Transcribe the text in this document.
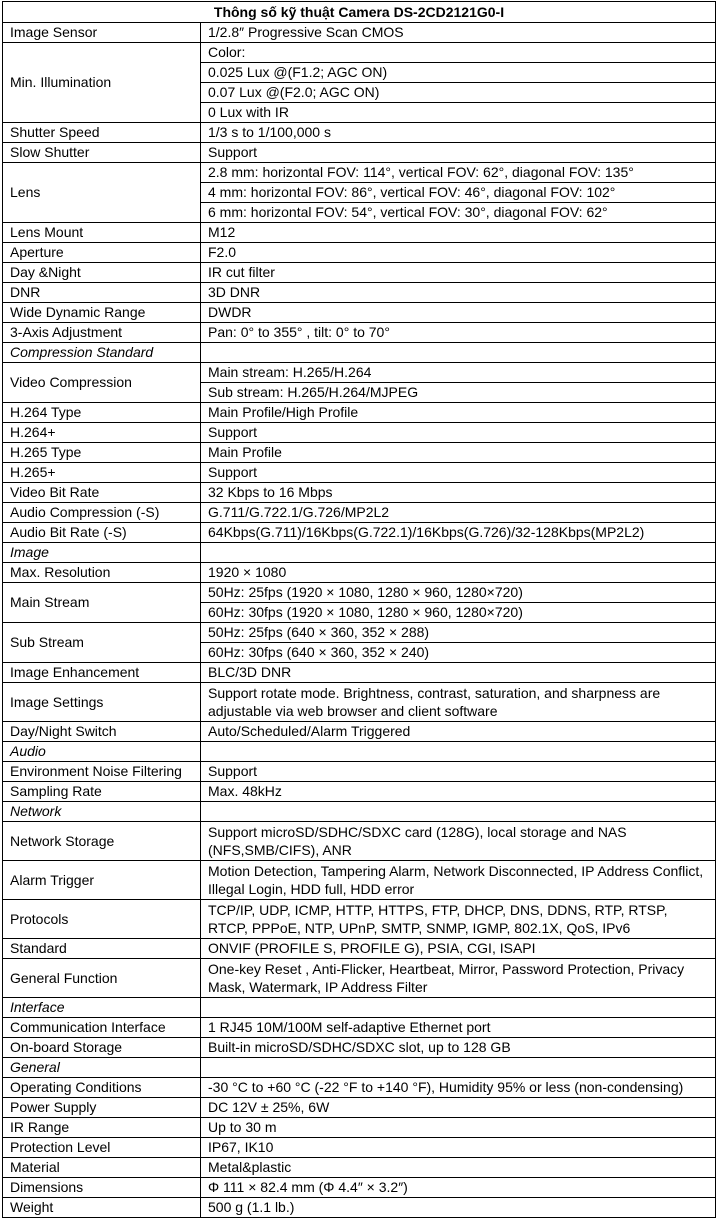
Thông số kỹ thuật Camera DS-2CD2121G0-I	
Image Sensor	1/2.8″ Progressive Scan CMOS
Min. Illumination	Color:
	0.025 Lux @(F1.2; AGC ON)
	0.07 Lux @(F2.0; AGC ON)
	0 Lux with IR
Shutter Speed	1/3 s to 1/100,000 s
Slow Shutter	Support
Lens	2.8 mm: horizontal FOV: 114°, vertical FOV: 62°, diagonal FOV: 135°
	4 mm: horizontal FOV: 86°, vertical FOV: 46°, diagonal FOV: 102°
	6 mm: horizontal FOV: 54°, vertical FOV: 30°, diagonal FOV: 62°
Lens Mount	M12
Aperture	F2.0
Day &Night	IR cut filter
DNR	3D DNR
Wide Dynamic Range	DWDR
3-Axis Adjustment	Pan: 0° to 355° , tilt: 0° to 70°
Compression Standard	
Video Compression	Main stream: H.265/H.264
	Sub stream: H.265/H.264/MJPEG
H.264 Type	Main Profile/High Profile
H.264+	Support
H.265 Type	Main Profile
H.265+	Support
Video Bit Rate	32 Kbps to 16 Mbps
Audio Compression (-S)	G.711/G.722.1/G.726/MP2L2
Audio Bit Rate (-S)	64Kbps(G.711)/16Kbps(G.722.1)/16Kbps(G.726)/32-128Kbps(MP2L2)
Image	
Max. Resolution	1920 × 1080
Main Stream	50Hz: 25fps (1920 × 1080, 1280 × 960, 1280×720)
	60Hz: 30fps (1920 × 1080, 1280 × 960, 1280×720)
Sub Stream	50Hz: 25fps (640 × 360, 352 × 288)
	60Hz: 30fps (640 × 360, 352 × 240)
Image Enhancement	BLC/3D DNR
Image Settings	Support rotate mode. Brightness, contrast, saturation, and sharpness are adjustable via web browser and client software
Day/Night Switch	Auto/Scheduled/Alarm Triggered
Audio	
Environment Noise Filtering	Support
Sampling Rate	Max. 48kHz
Network	
Network Storage	Support microSD/SDHC/SDXC card (128G), local storage and NAS (NFS,SMB/CIFS), ANR
Alarm Trigger	Motion Detection, Tampering Alarm, Network Disconnected, IP Address Conflict, Illegal Login, HDD full, HDD error
Protocols	TCP/IP, UDP, ICMP, HTTP, HTTPS, FTP, DHCP, DNS, DDNS, RTP, RTSP, RTCP, PPPoE, NTP, UPnP, SMTP, SNMP, IGMP, 802.1X, QoS, IPv6
Standard	ONVIF (PROFILE S, PROFILE G), PSIA, CGI, ISAPI
General Function	One-key Reset , Anti-Flicker, Heartbeat, Mirror, Password Protection, Privacy Mask, Watermark, IP Address Filter
Interface	
Communication Interface	1 RJ45 10M/100M self-adaptive Ethernet port
On-board Storage	Built-in microSD/SDHC/SDXC slot, up to 128 GB
General	
Operating Conditions	-30 °C to +60 °C (-22 °F to +140 °F), Humidity 95% or less (non-condensing)
Power Supply	DC 12V ± 25%, 6W
IR Range	Up to 30 m
Protection Level	IP67, IK10
Material	Metal&plastic
Dimensions	Φ 111 × 82.4 mm (Φ 4.4″ × 3.2″)
Weight	500 g (1.1 lb.)
